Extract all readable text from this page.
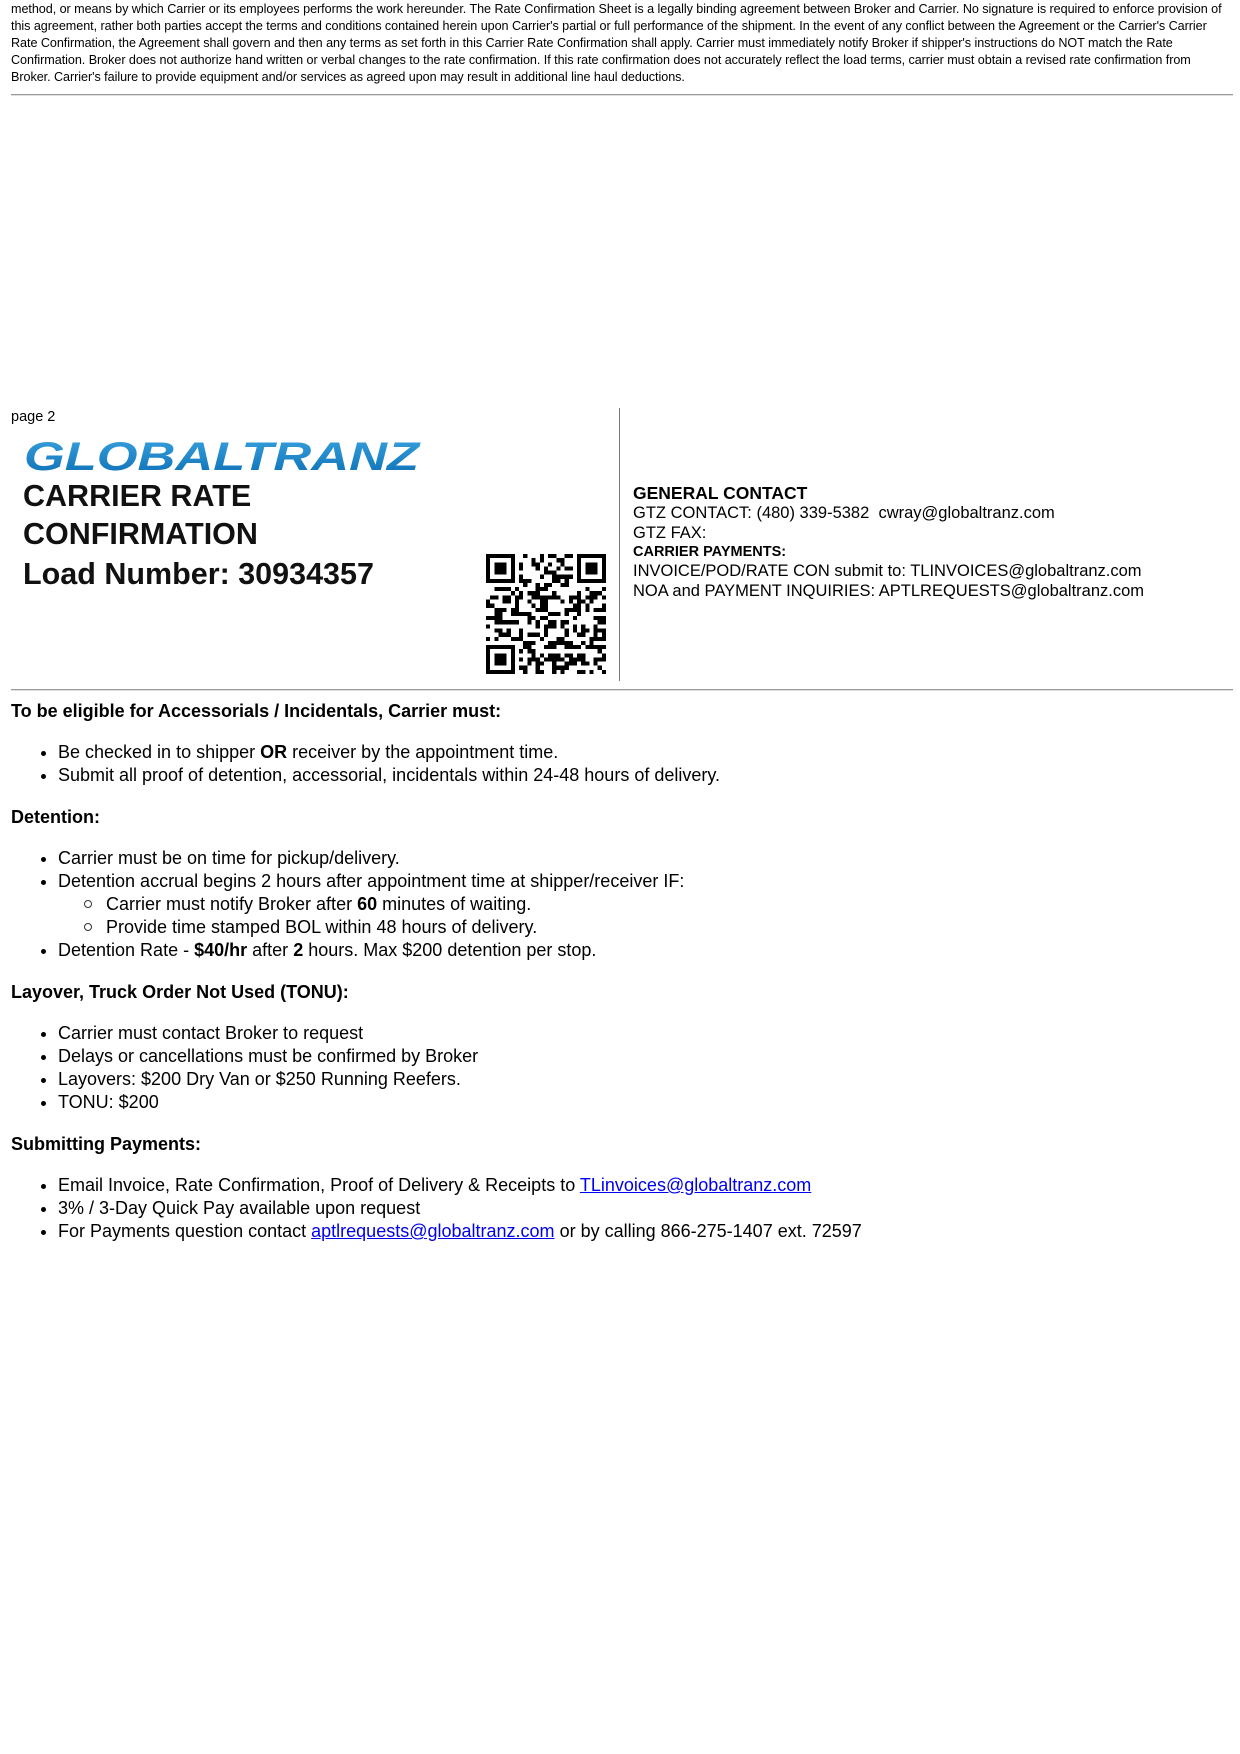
method, or means by which Carrier or its employees performs the work hereunder. The Rate Confirmation Sheet is a legally binding agreement between Broker and Carrier. No signature is required to enforce provision of this agreement, rather both parties accept the terms and conditions contained herein upon Carrier's partial or full performance of the shipment. In the event of any conflict between the Agreement or the Carrier's Carrier Rate Confirmation, the Agreement shall govern and then any terms as set forth in this Carrier Rate Confirmation shall apply. Carrier must immediately notify Broker if shipper's instructions do NOT match the Rate Confirmation. Broker does not authorize hand written or verbal changes to the rate confirmation. If this rate confirmation does not accurately reflect the load terms, carrier must obtain a revised rate confirmation from Broker. Carrier's failure to provide equipment and/or services as agreed upon may result in additional line haul deductions.
page 2
GLOBALTRANZ
CARRIER RATE CONFIRMATION
Load Number: 30934357
GENERAL CONTACT
GTZ CONTACT: (480) 339-5382 cwray@globaltranz.com
GTZ FAX:
CARRIER PAYMENTS:
INVOICE/POD/RATE CON submit to: TLINVOICES@globaltranz.com
NOA and PAYMENT INQUIRIES: APTLREQUESTS@globaltranz.com
To be eligible for Accessorials / Incidentals, Carrier must:
• Be checked in to shipper OR receiver by the appointment time.
• Submit all proof of detention, accessorial, incidentals within 24-48 hours of delivery.
Detention:
• Carrier must be on time for pickup/delivery.
• Detention accrual begins 2 hours after appointment time at shipper/receiver IF:
Carrier must notify Broker after 60 minutes of waiting.
Provide time stamped BOL within 48 hours of delivery.
• Detention Rate - $40/hr after 2 hours. Max $200 detention per stop.
Layover, Truck Order Not Used (TONU):
• Carrier must contact Broker to request
• Delays or cancellations must be confirmed by Broker
• Layovers: $200 Dry Van or $250 Running Reefers.
• TONU: $200
Submitting Payments:
• Email Invoice, Rate Confirmation, Proof of Delivery & Receipts to TLinvoices@globaltranz.com
• 3% / 3-Day Quick Pay available upon request
• For Payments question contact aptlrequests@globaltranz.com or by calling 866-275-1407 ext. 72597
